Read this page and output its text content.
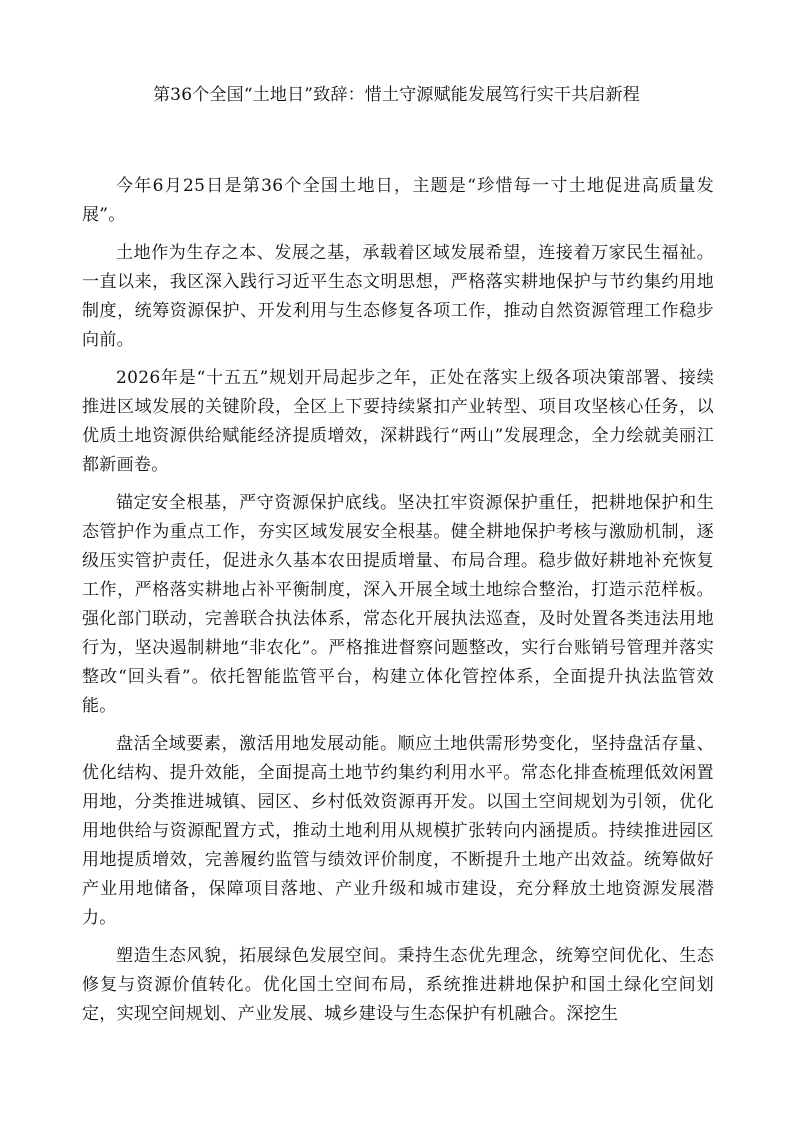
第36个全国“土地日”致辞：惜土守源赋能发展笃行实干共启新程

今年6月25日是第36个全国土地日，主题是“珍惜每一寸土地促进高质量发展”。

土地作为生存之本、发展之基，承载着区域发展希望，连接着万家民生福祉。一直以来，我区深入践行习近平生态文明思想，严格落实耕地保护与节约集约用地制度，统筹资源保护、开发利用与生态修复各项工作，推动自然资源管理工作稳步向前。

2026年是“十五五”规划开局起步之年，正处在落实上级各项决策部署、接续推进区域发展的关键阶段，全区上下要持续紧扣产业转型、项目攻坚核心任务，以优质土地资源供给赋能经济提质增效，深耕践行“两山”发展理念，全力绘就美丽江都新画卷。

锚定安全根基，严守资源保护底线。坚决扛牢资源保护重任，把耕地保护和生态管护作为重点工作，夯实区域发展安全根基。健全耕地保护考核与激励机制，逐级压实管护责任，促进永久基本农田提质增量、布局合理。稳步做好耕地补充恢复工作，严格落实耕地占补平衡制度，深入开展全域土地综合整治，打造示范样板。强化部门联动，完善联合执法体系，常态化开展执法巡查，及时处置各类违法用地行为，坚决遏制耕地“非农化”。严格推进督察问题整改，实行台账销号管理并落实整改“回头看”。依托智能监管平台，构建立体化管控体系，全面提升执法监管效能。

盘活全域要素，激活用地发展动能。顺应土地供需形势变化，坚持盘活存量、优化结构、提升效能，全面提高土地节约集约利用水平。常态化排查梳理低效闲置用地，分类推进城镇、园区、乡村低效资源再开发。以国土空间规划为引领，优化用地供给与资源配置方式，推动土地利用从规模扩张转向内涵提质。持续推进园区用地提质增效，完善履约监管与绩效评价制度，不断提升土地产出效益。统筹做好产业用地储备，保障项目落地、产业升级和城市建设，充分释放土地资源发展潜力。

塑造生态风貌，拓展绿色发展空间。秉持生态优先理念，统筹空间优化、生态修复与资源价值转化。优化国土空间布局，系统推进耕地保护和国土绿化空间划定，实现空间规划、产业发展、城乡建设与生态保护有机融合。深挖生
